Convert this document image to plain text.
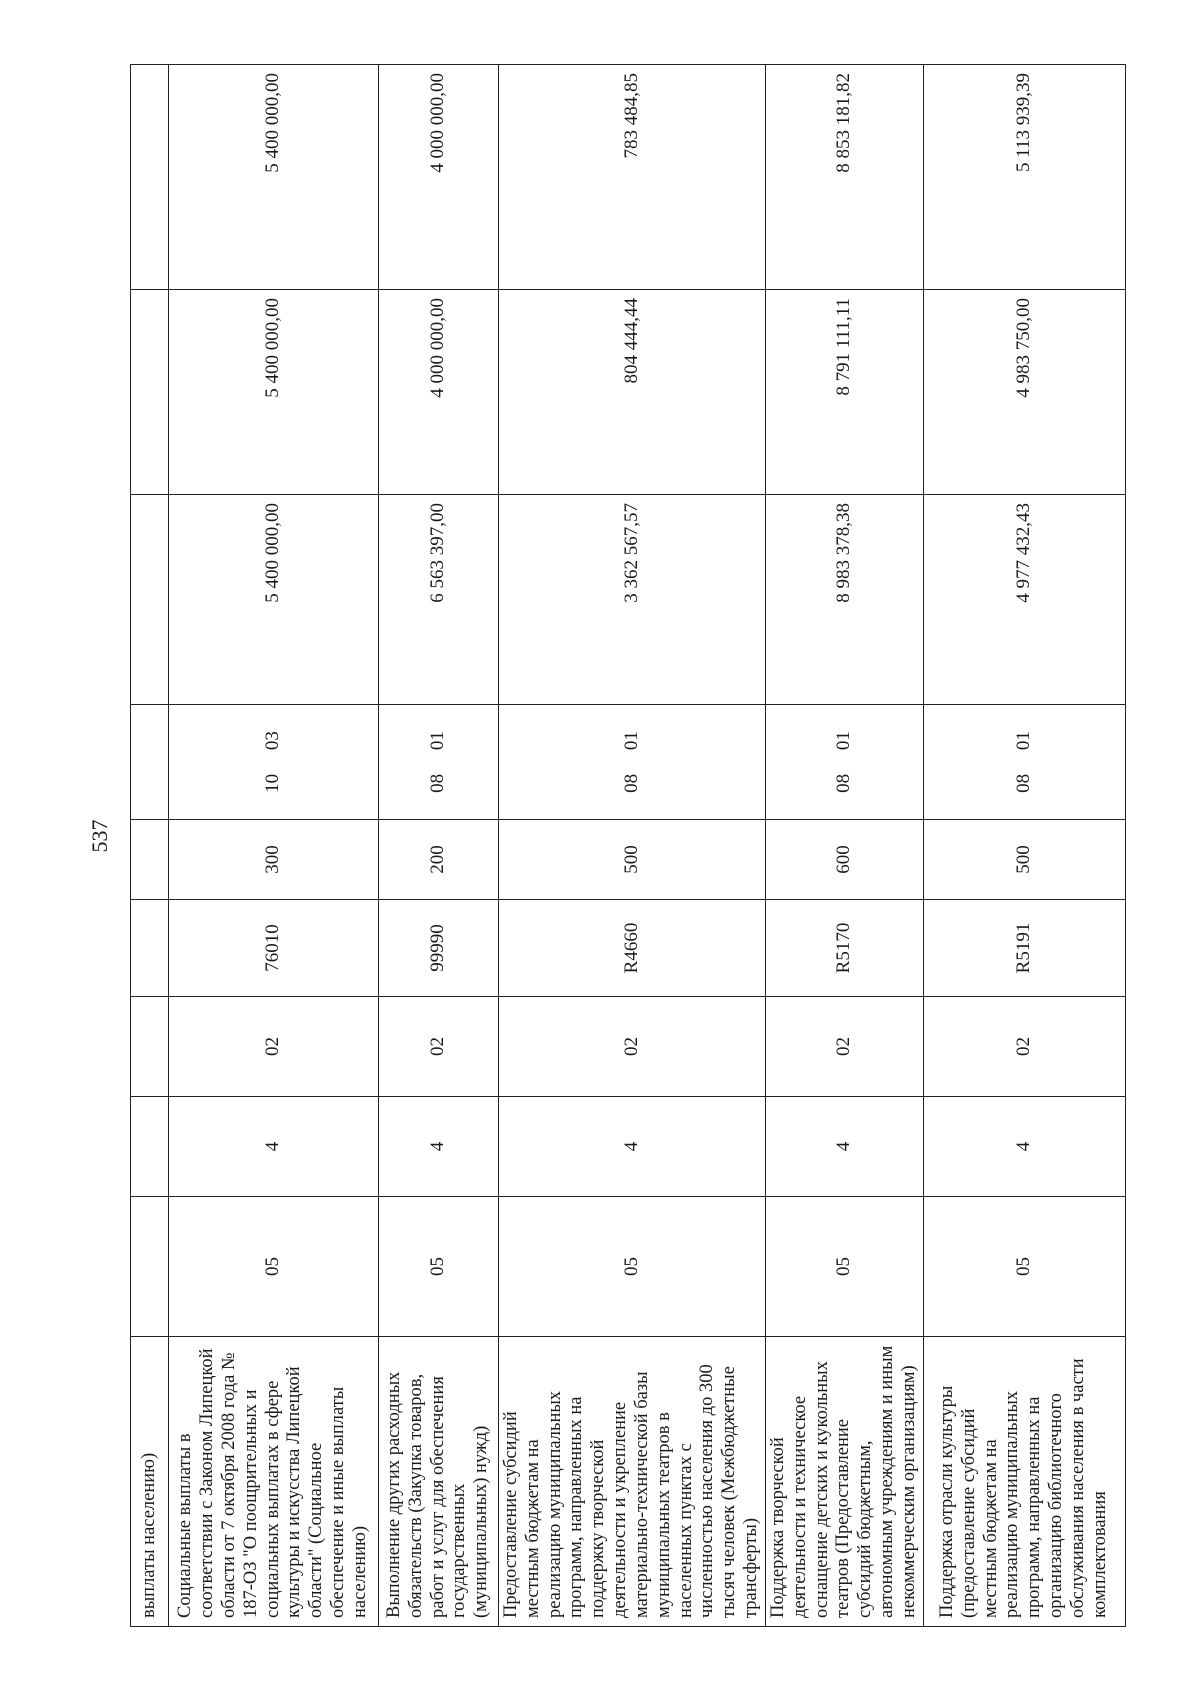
537
выплаты населению)									
Социальные выплаты в соответствии с Законом Липецкой области от 7 октября 2008 года № 187-ОЗ "О поощрительных и социальных выплатах в сфере культуры и искусства Липецкой области" (Социальное обеспечение и иные выплаты населению)	05	4	02	76010	300	10     03	5 400 000,00	5 400 000,00	5 400 000,00
Выполнение других расходных обязательств (Закупка товаров, работ и услуг для обеспечения государственных (муниципальных) нужд)	05	4	02	99990	200	08     01	6 563 397,00	4 000 000,00	4 000 000,00
Предоставление субсидий местным бюджетам на реализацию муниципальных программ, направленных на поддержку творческой деятельности и укрепление материально-технической базы муниципальных театров в населенных пунктах с численностью населения до 300 тысяч человек (Межбюджетные трансферты)	05	4	02	R4660	500	08     01	3 362 567,57	804 444,44	783 484,85
Поддержка творческой деятельности и техническое оснащение детских и кукольных театров (Предоставление субсидий бюджетным, автономным учреждениям и иным некоммерческим организациям)	05	4	02	R5170	600	08     01	8 983 378,38	8 791 111,11	8 853 181,82
Поддержка отрасли культуры (предоставление субсидий местным бюджетам на реализацию муниципальных программ, направленных на организацию библиотечного обслуживания населения в части комплектования	05	4	02	R5191	500	08     01	4 977 432,43	4 983 750,00	5 113 939,39
